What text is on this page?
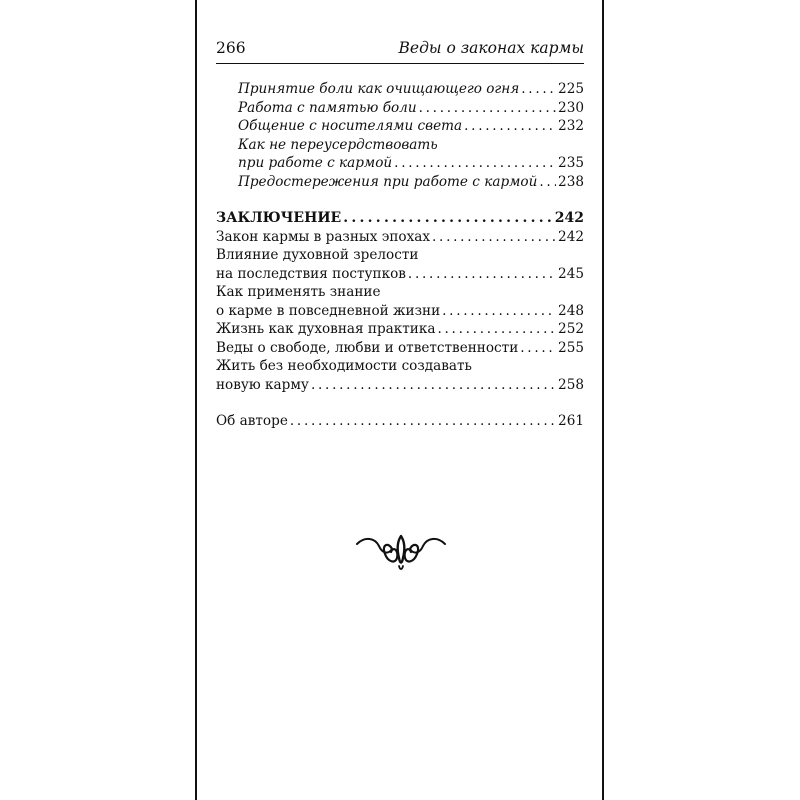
266	Веды о законах кармы
Принятие боли как очищающего огня . . .	225
Работа с памятью боли . . .	230
Общение с носителями света . . .	232
Как не переусердствовать
при работе с кармой . . .	235
Предостережения при работе с кармой . . . 238
ЗАКЛЮЧЕНИЕ . . .	242
Закон кармы в разных эпохах . . .	242
Влияние духовной зрелости
на последствия поступков . . .	245
Как применять знание
о карме в повседневной жизни . . .	248
Жизнь как духовная практика . . .	252
Веды о свободе, любви и ответственности . . .	255
Жить без необходимости создавать
новую карму . . .	258
Об авторе . . .	261
